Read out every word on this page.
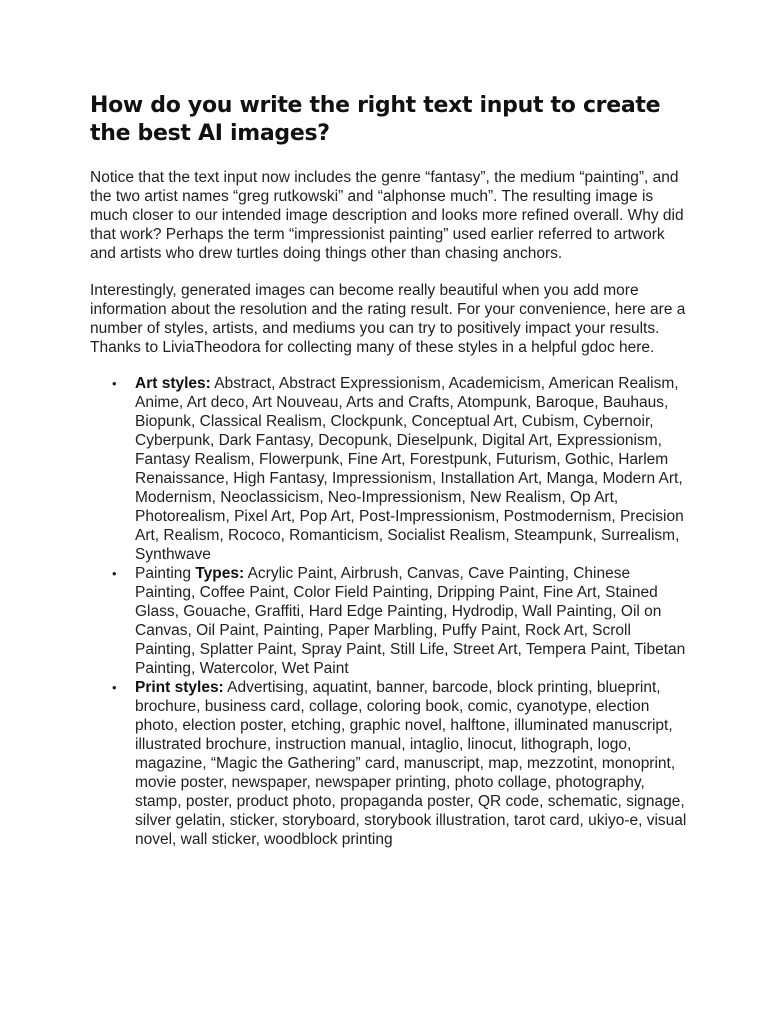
How do you write the right text input to create the best AI images?

Notice that the text input now includes the genre “fantasy”, the medium “painting”, and the two artist names “greg rutkowski” and “alphonse much”. The resulting image is much closer to our intended image description and looks more refined overall. Why did that work? Perhaps the term “impressionist painting” used earlier referred to artwork and artists who drew turtles doing things other than chasing anchors.

Interestingly, generated images can become really beautiful when you add more information about the resolution and the rating result. For your convenience, here are a number of styles, artists, and mediums you can try to positively impact your results. Thanks to LiviaTheodora for collecting many of these styles in a helpful gdoc here.

• Art styles: Abstract, Abstract Expressionism, Academicism, American Realism, Anime, Art deco, Art Nouveau, Arts and Crafts, Atompunk, Baroque, Bauhaus, Biopunk, Classical Realism, Clockpunk, Conceptual Art, Cubism, Cybernoir, Cyberpunk, Dark Fantasy, Decopunk, Dieselpunk, Digital Art, Expressionism, Fantasy Realism, Flowerpunk, Fine Art, Forestpunk, Futurism, Gothic, Harlem Renaissance, High Fantasy, Impressionism, Installation Art, Manga, Modern Art, Modernism, Neoclassicism, Neo-Impressionism, New Realism, Op Art, Photorealism, Pixel Art, Pop Art, Post-Impressionism, Postmodernism, Precision Art, Realism, Rococo, Romanticism, Socialist Realism, Steampunk, Surrealism, Synthwave
• Painting Types: Acrylic Paint, Airbrush, Canvas, Cave Painting, Chinese Painting, Coffee Paint, Color Field Painting, Dripping Paint, Fine Art, Stained Glass, Gouache, Graffiti, Hard Edge Painting, Hydrodip, Wall Painting, Oil on Canvas, Oil Paint, Painting, Paper Marbling, Puffy Paint, Rock Art, Scroll Painting, Splatter Paint, Spray Paint, Still Life, Street Art, Tempera Paint, Tibetan Painting, Watercolor, Wet Paint
• Print styles: Advertising, aquatint, banner, barcode, block printing, blueprint, brochure, business card, collage, coloring book, comic, cyanotype, election photo, election poster, etching, graphic novel, halftone, illuminated manuscript, illustrated brochure, instruction manual, intaglio, linocut, lithograph, logo, magazine, “Magic the Gathering” card, manuscript, map, mezzotint, monoprint, movie poster, newspaper, newspaper printing, photo collage, photography, stamp, poster, product photo, propaganda poster, QR code, schematic, signage, silver gelatin, sticker, storyboard, storybook illustration, tarot card, ukiyo-e, visual novel, wall sticker, woodblock printing
